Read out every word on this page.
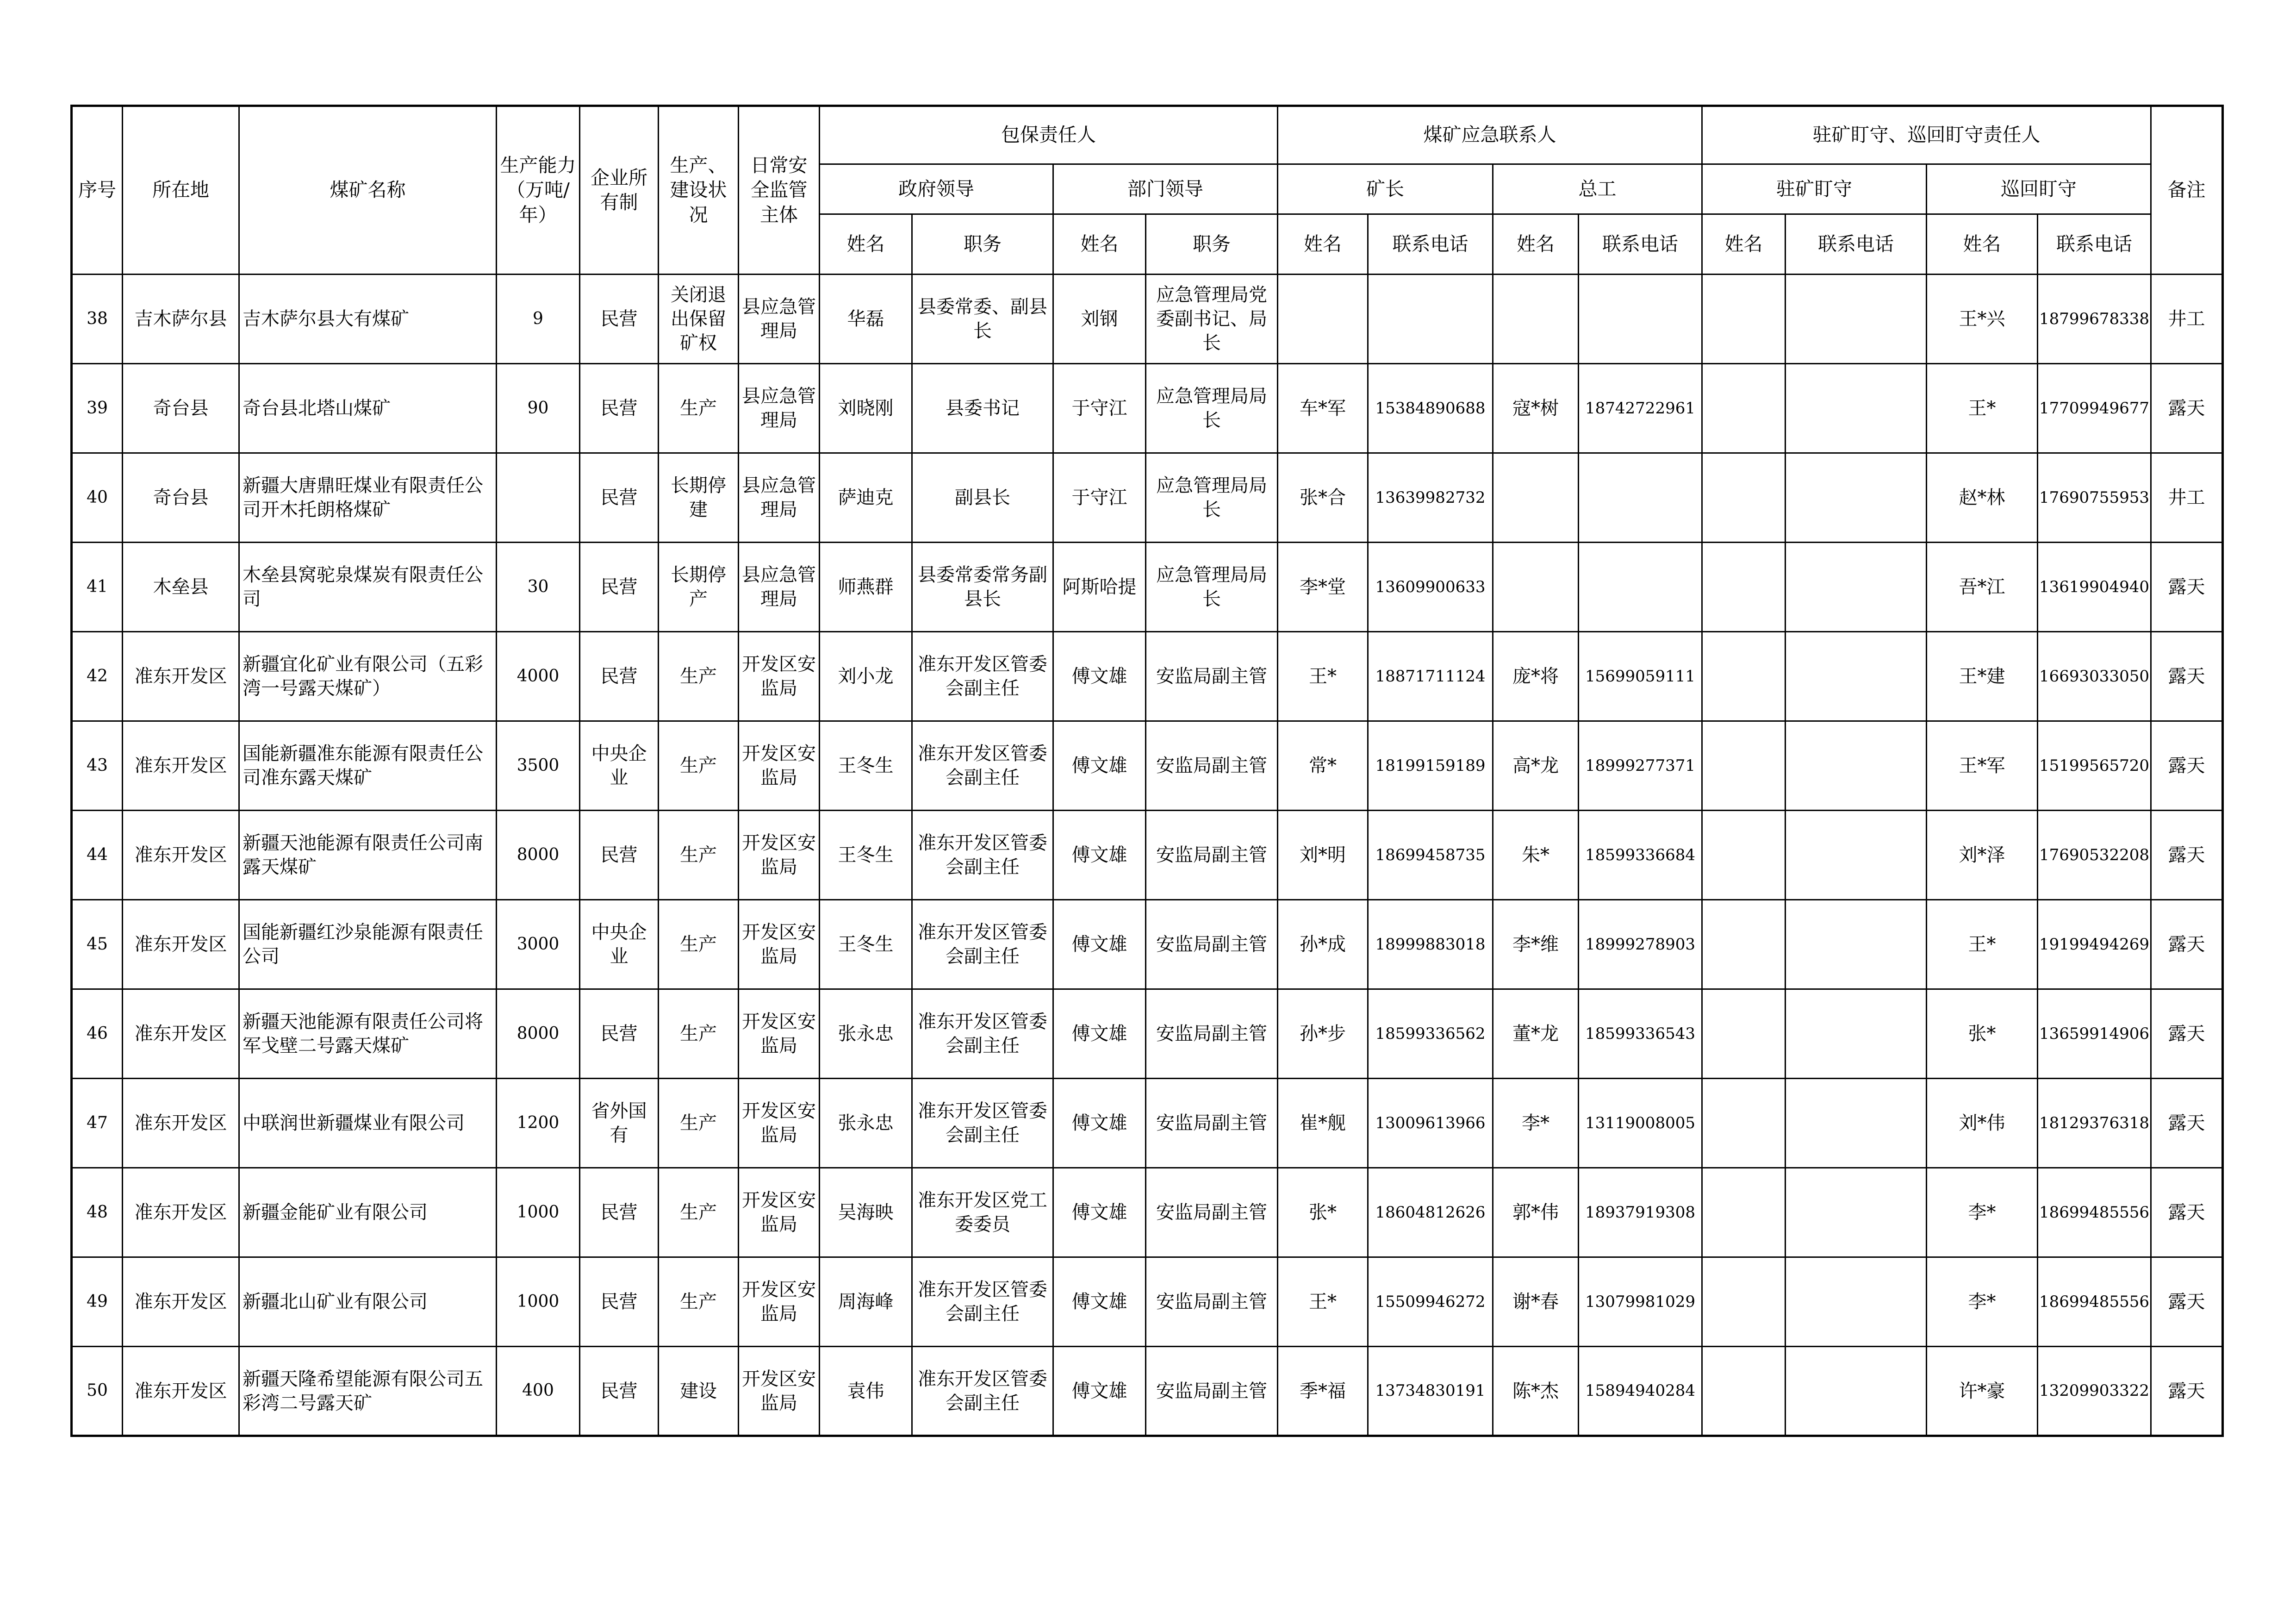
序号	所在地	煤矿名称	生产能力（万吨/年）	企业所有制	生产、建设状况	日常安全监管主体	包保责任人				煤矿应急联系人				驻矿盯守、巡回盯守责任人				备注
							政府领导		部门领导		矿长		总工		驻矿盯守		巡回盯守		
							姓名	职务	姓名	职务	姓名	联系电话	姓名	联系电话	姓名	联系电话	姓名	联系电话	
38	吉木萨尔县	吉木萨尔县大有煤矿	9	民营	关闭退出保留矿权	县应急管理局	华磊	县委常委、副县长	刘钢	应急管理局党委副书记、局长							王*兴	18799678338	井工
39	奇台县	奇台县北塔山煤矿	90	民营	生产	县应急管理局	刘晓刚	县委书记	于守江	应急管理局局长	车*军	15384890688	寇*树	18742722961			王*	17709949677	露天
40	奇台县	新疆大唐鼎旺煤业有限责任公司开木托朗格煤矿		民营	长期停建	县应急管理局	萨迪克	副县长	于守江	应急管理局局长	张*合	13639982732					赵*林	17690755953	井工
41	木垒县	木垒县窝驼泉煤炭有限责任公司	30	民营	长期停产	县应急管理局	师燕群	县委常委常务副县长	阿斯哈提	应急管理局局长	李*堂	13609900633					吾*江	13619904940	露天
42	准东开发区	新疆宜化矿业有限公司（五彩湾一号露天煤矿）	4000	民营	生产	开发区安监局	刘小龙	准东开发区管委会副主任	傅文雄	安监局副主管	王*	18871711124	庞*将	15699059111			王*建	16693033050	露天
43	准东开发区	国能新疆准东能源有限责任公司准东露天煤矿	3500	中央企业	生产	开发区安监局	王冬生	准东开发区管委会副主任	傅文雄	安监局副主管	常*	18199159189	高*龙	18999277371			王*军	15199565720	露天
44	准东开发区	新疆天池能源有限责任公司南露天煤矿	8000	民营	生产	开发区安监局	王冬生	准东开发区管委会副主任	傅文雄	安监局副主管	刘*明	18699458735	朱*	18599336684			刘*泽	17690532208	露天
45	准东开发区	国能新疆红沙泉能源有限责任公司	3000	中央企业	生产	开发区安监局	王冬生	准东开发区管委会副主任	傅文雄	安监局副主管	孙*成	18999883018	李*维	18999278903			王*	19199494269	露天
46	准东开发区	新疆天池能源有限责任公司将军戈壁二号露天煤矿	8000	民营	生产	开发区安监局	张永忠	准东开发区管委会副主任	傅文雄	安监局副主管	孙*步	18599336562	董*龙	18599336543			张*	13659914906	露天
47	准东开发区	中联润世新疆煤业有限公司	1200	省外国有	生产	开发区安监局	张永忠	准东开发区管委会副主任	傅文雄	安监局副主管	崔*舰	13009613966	李*	13119008005			刘*伟	18129376318	露天
48	准东开发区	新疆金能矿业有限公司	1000	民营	生产	开发区安监局	吴海映	准东开发区党工委委员	傅文雄	安监局副主管	张*	18604812626	郭*伟	18937919308			李*	18699485556	露天
49	准东开发区	新疆北山矿业有限公司	1000	民营	生产	开发区安监局	周海峰	准东开发区管委会副主任	傅文雄	安监局副主管	王*	15509946272	谢*春	13079981029			李*	18699485556	露天
50	准东开发区	新疆天隆希望能源有限公司五彩湾二号露天矿	400	民营	建设	开发区安监局	袁伟	准东开发区管委会副主任	傅文雄	安监局副主管	季*福	13734830191	陈*杰	15894940284			许*豪	13209903322	露天
